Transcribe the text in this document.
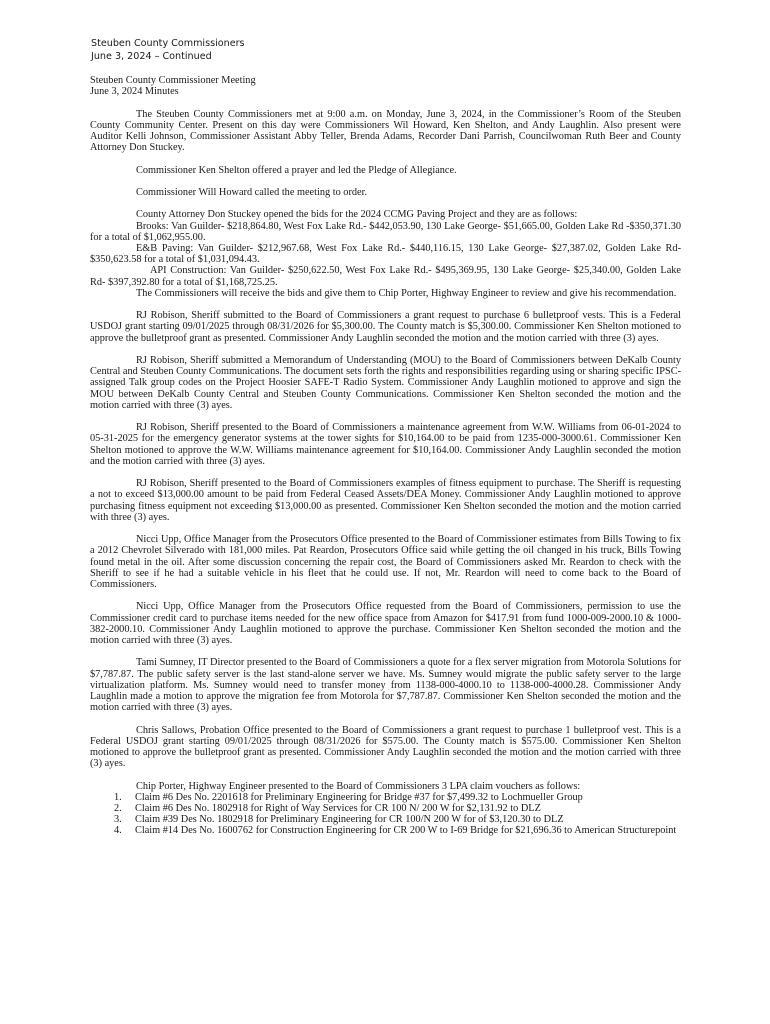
Steuben County Commissioners
June 3, 2024 – Continued

Steuben County Commissioner Meeting

June 3, 2024 Minutes

The Steuben County Commissioners met at 9:00 a.m. on Monday, June 3, 2024, in the Commissioner’s Room of the Steuben County Community Center. Present on this day were Commissioners Wil Howard, Ken Shelton, and Andy Laughlin. Also present were Auditor Kelli Johnson, Commissioner Assistant Abby Teller, Brenda Adams, Recorder Dani Parrish, Councilwoman Ruth Beer and County Attorney Don Stuckey.

Commissioner Ken Shelton offered a prayer and led the Pledge of Allegiance.

Commissioner Will Howard called the meeting to order.

County Attorney Don Stuckey opened the bids for the 2024 CCMG Paving Project and they are as follows:

Brooks: Van Guilder- $218,864.80, West Fox Lake Rd.- $442,053.90, 130 Lake George- $51,665.00, Golden Lake Rd -$350,371.30 for a total of $1,062,955.00.

E&B Paving: Van Guilder- $212,967.68, West Fox Lake Rd.- $440,116.15, 130 Lake George- $27,387.02, Golden Lake Rd- $350,623.58 for a total of $1,031,094.43.

API Construction: Van Guilder- $250,622.50, West Fox Lake Rd.- $495,369.95, 130 Lake George- $25,340.00, Golden Lake Rd- $397,392.80 for a total of $1,168,725.25.

The Commissioners will receive the bids and give them to Chip Porter, Highway Engineer to review and give his recommendation.

RJ Robison, Sheriff submitted to the Board of Commissioners a grant request to purchase 6 bulletproof vests. This is a Federal USDOJ grant starting 09/01/2025 through 08/31/2026 for $5,300.00. The County match is $5,300.00. Commissioner Ken Shelton motioned to approve the bulletproof grant as presented. Commissioner Andy Laughlin seconded the motion and the motion carried with three (3) ayes.

RJ Robison, Sheriff submitted a Memorandum of Understanding (MOU) to the Board of Commissioners between DeKalb County Central and Steuben County Communications. The document sets forth the rights and responsibilities regarding using or sharing specific IPSC-assigned Talk group codes on the Project Hoosier SAFE-T Radio System. Commissioner Andy Laughlin motioned to approve and sign the MOU between DeKalb County Central and Steuben County Communications. Commissioner Ken Shelton seconded the motion and the motion carried with three (3) ayes.

RJ Robison, Sheriff presented to the Board of Commissioners a maintenance agreement from W.W. Williams from 06-01-2024 to 05-31-2025 for the emergency generator systems at the tower sights for $10,164.00 to be paid from 1235-000-3000.61. Commissioner Ken Shelton motioned to approve the W.W. Williams maintenance agreement for $10,164.00. Commissioner Andy Laughlin seconded the motion and the motion carried with three (3) ayes.

RJ Robison, Sheriff presented to the Board of Commissioners examples of fitness equipment to purchase. The Sheriff is requesting a not to exceed $13,000.00 amount to be paid from Federal Ceased Assets/DEA Money. Commissioner Andy Laughlin motioned to approve purchasing fitness equipment not exceeding $13,000.00 as presented. Commissioner Ken Shelton seconded the motion and the motion carried with three (3) ayes.

Nicci Upp, Office Manager from the Prosecutors Office presented to the Board of Commissioner estimates from Bills Towing to fix a 2012 Chevrolet Silverado with 181,000 miles. Pat Reardon, Prosecutors Office said while getting the oil changed in his truck, Bills Towing found metal in the oil. After some discussion concerning the repair cost, the Board of Commissioners asked Mr. Reardon to check with the Sheriff to see if he had a suitable vehicle in his fleet that he could use. If not, Mr. Reardon will need to come back to the Board of Commissioners.

Nicci Upp, Office Manager from the Prosecutors Office requested from the Board of Commissioners, permission to use the Commissioner credit card to purchase items needed for the new office space from Amazon for $417.91 from fund 1000-009-2000.10 & 1000-382-2000.10. Commissioner Andy Laughlin motioned to approve the purchase. Commissioner Ken Shelton seconded the motion and the motion carried with three (3) ayes.

Tami Sumney, IT Director presented to the Board of Commissioners a quote for a flex server migration from Motorola Solutions for $7,787.87. The public safety server is the last stand-alone server we have. Ms. Sumney would migrate the public safety server to the large virtualization platform. Ms. Sumney would need to transfer money from 1138-000-4000.10 to 1138-000-4000.28. Commissioner Andy Laughlin made a motion to approve the migration fee from Motorola for $7,787.87. Commissioner Ken Shelton seconded the motion and the motion carried with three (3) ayes.

Chris Sallows, Probation Office presented to the Board of Commissioners a grant request to purchase 1 bulletproof vest. This is a Federal USDOJ grant starting 09/01/2025 through 08/31/2026 for $575.00. The County match is $575.00. Commissioner Ken Shelton motioned to approve the bulletproof grant as presented. Commissioner Andy Laughlin seconded the motion and the motion carried with three (3) ayes.

Chip Porter, Highway Engineer presented to the Board of Commissioners 3 LPA claim vouchers as follows:

1. Claim #6 Des No. 2201618 for Preliminary Engineering for Bridge #37 for $7,499.32 to Lochmueller Group
2. Claim #6 Des No. 1802918 for Right of Way Services for CR 100 N/ 200 W for $2,131.92 to DLZ
3. Claim #39 Des No. 1802918 for Preliminary Engineering for CR 100/N 200 W for of $3,120.30 to DLZ
4. Claim #14 Des No. 1600762 for Construction Engineering for CR 200 W to I-69 Bridge for $21,696.36 to American Structurepoint
